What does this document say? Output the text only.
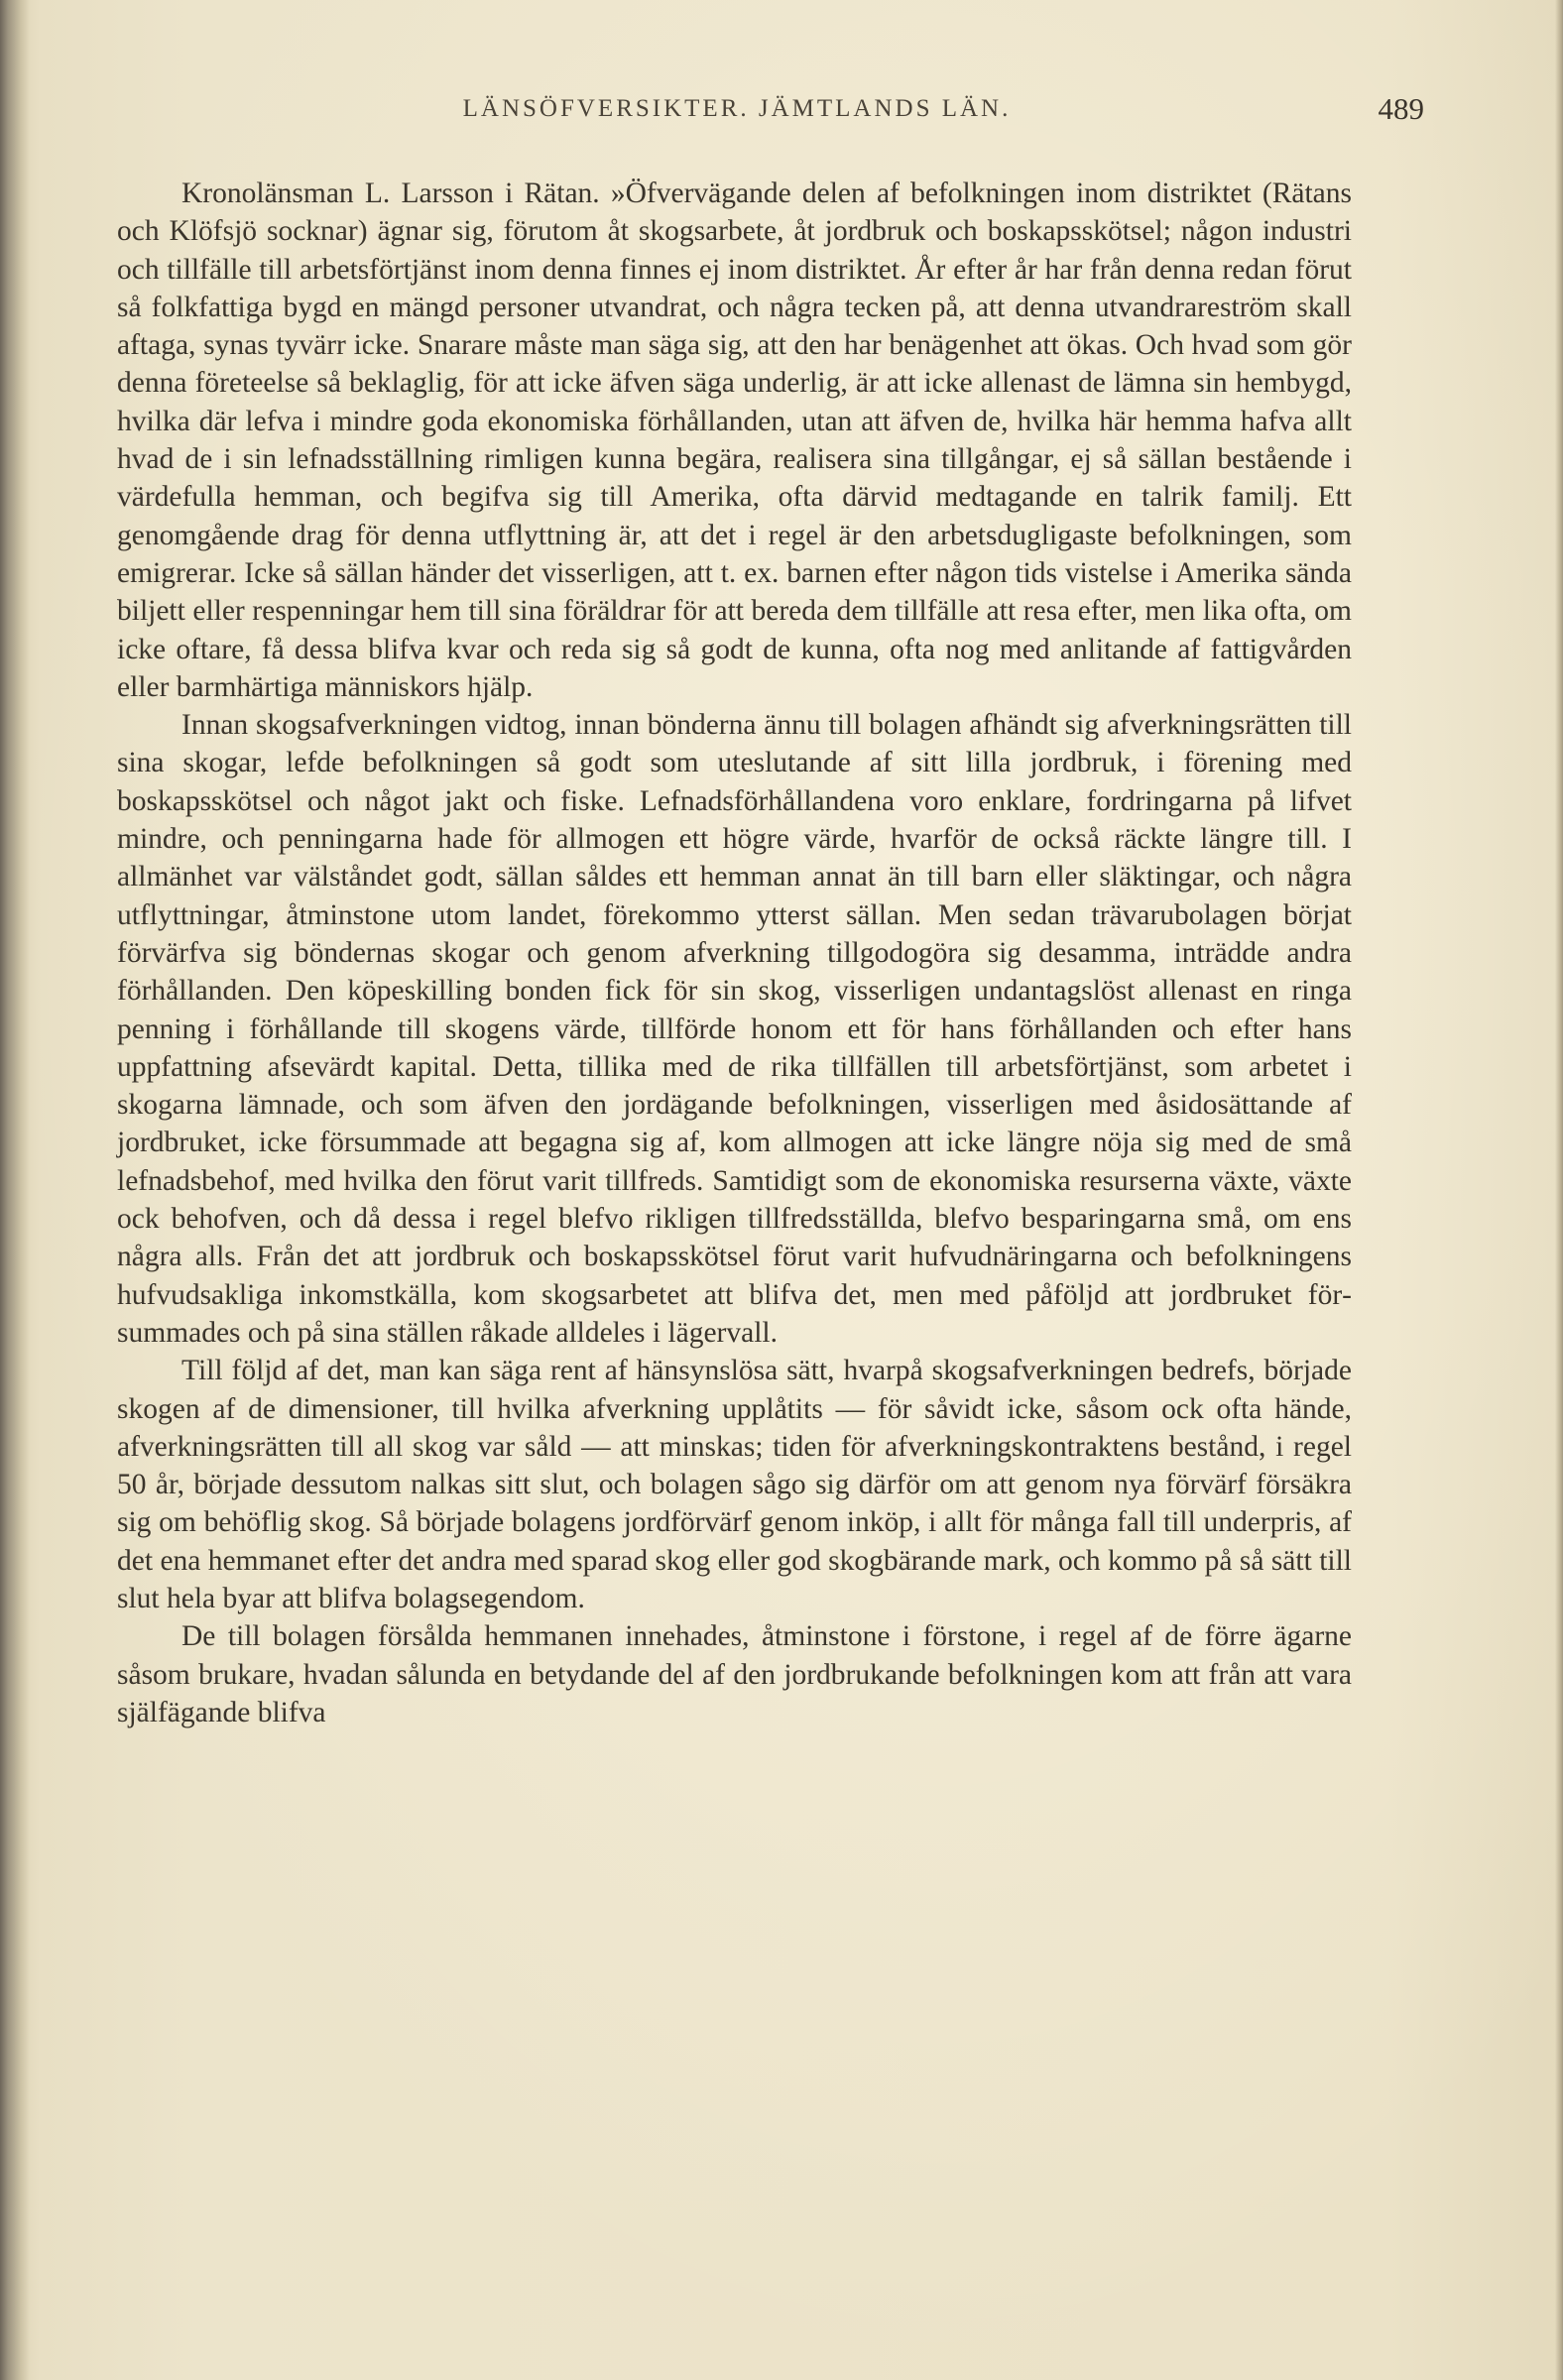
LÄNSÖFVERSIKTER. JÄMTLANDS LÄN.	489

Kronolänsman L. Larsson i Rätan. »Öfvervägande delen af befolkningen inom distriktet (Rätans och Klöfsjö socknar) ägnar sig, förutom åt skogsarbete, åt jordbruk och boskapsskötsel; någon industri och tillfälle till arbetsförtjänst inom denna finnes ej inom distriktet. År efter år har från denna redan förut så folkfattiga bygd en mängd personer utvandrat, och några tecken på, att denna utvandrareström skall aftaga, synas tyvärr icke. Snarare måste man säga sig, att den har benägenhet att ökas. Och hvad som gör denna företeelse så beklaglig, för att icke äfven säga underlig, är att icke allenast de lämna sin hembygd, hvilka där lefva i mindre goda ekonomiska förhållanden, utan att äfven de, hvilka här hemma hafva allt hvad de i sin lefnadsställning rimligen kunna begära, realisera sina tillgångar, ej så sällan bestående i värdefulla hemman, och begifva sig till Amerika, ofta därvid medtagande en talrik familj. Ett genomgående drag för denna utflyttning är, att det i regel är den arbetsdugligaste befolkningen, som emigrerar. Icke så sällan händer det visserligen, att t. ex. barnen efter någon tids vistelse i Amerika sända biljett eller respenningar hem till sina föräldrar för att bereda dem tillfälle att resa efter, men lika ofta, om icke oftare, få dessa blifva kvar och reda sig så godt de kunna, ofta nog med anlitande af fattigvården eller barmhärtiga människors hjälp.

Innan skogsafverkningen vidtog, innan bönderna ännu till bolagen afhändt sig afverkningsrätten till sina skogar, lefde befolkningen så godt som uteslutande af sitt lilla jordbruk, i förening med boskapsskötsel och något jakt och fiske. Lefnadsförhållandena voro enklare, fordringarna på lifvet mindre, och penningarna hade för allmogen ett högre värde, hvarför de också räckte längre till. I allmänhet var välståndet godt, sällan såldes ett hemman annat än till barn eller släktingar, och några utflyttningar, åtminstone utom landet, förekommo ytterst sällan. Men sedan trävarubolagen börjat förvärfva sig böndernas skogar och genom afverkning tillgodogöra sig desamma, inträdde andra förhållanden. Den köpeskilling bonden fick för sin skog, visserligen undantagslöst allenast en ringa penning i förhållande till skogens värde, tillförde honom ett för hans förhållanden och efter hans uppfattning afsevärdt kapital. Detta, tillika med de rika tillfällen till arbetsförtjänst, som arbetet i skogarna lämnade, och som äfven den jordägande befolkningen, visserligen med åsidosättande af jordbruket, icke försummade att begagna sig af, kom allmogen att icke längre nöja sig med de små lefnadsbehof, med hvilka den förut varit tillfreds. Samtidigt som de ekonomiska resurserna växte, växte ock behofven, och då dessa i regel blefvo rikligen tillfredsställda, blefvo besparingarna små, om ens några alls. Från det att jordbruk och boskapsskötsel förut varit hufvudnäringarna och befolkningens hufvudsakliga inkomstkälla, kom skogsarbetet att blifva det, men med påföljd att jordbruket försummades och på sina ställen råkade alldeles i lägervall.

Till följd af det, man kan säga rent af hänsynslösa sätt, hvarpå skogsafverkningen bedrefs, började skogen af de dimensioner, till hvilka afverkning upplåtits — för såvidt icke, såsom ock ofta hände, afverkningsrätten till all skog var såld — att minskas; tiden för afverkningskontraktens bestånd, i regel 50 år, började dessutom nalkas sitt slut, och bolagen sågo sig därför om att genom nya förvärf försäkra sig om behöflig skog. Så började bolagens jordförvärf genom inköp, i allt för många fall till underpris, af det ena hemmanet efter det andra med sparad skog eller god skogbärande mark, och kommo på så sätt till slut hela byar att blifva bolagsegendom.

De till bolagen försålda hemmanen innehades, åtminstone i förstone, i regel af de förre ägarne såsom brukare, hvadan sålunda en betydande del af den jordbrukande befolkningen kom att från att vara själfägande blifva
